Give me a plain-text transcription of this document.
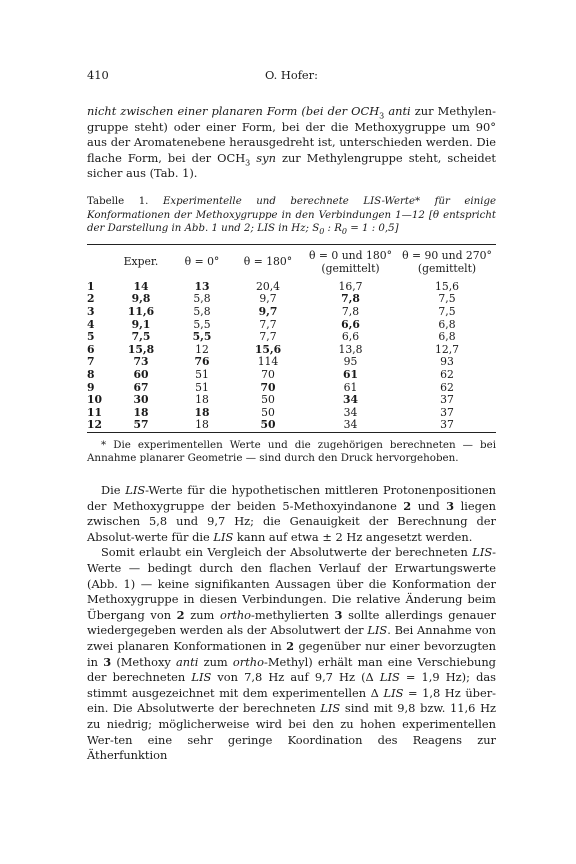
410	O. Hofer:

nicht zwischen einer planaren Form (bei der $OCH_3$ anti zur Methylen-gruppe steht) oder einer Form, bei der die Methoxygruppe um 90° aus der Aromatenebene herausgedreht ist, unterschieden werden. Die flache Form, bei der $OCH_3$ syn zur Methylengruppe steht, scheidet sicher aus (Tab. 1).

Tabelle 1. Experimentelle und berechnete LIS-Werte* für einige Konformationen der Methoxygruppe in den Verbindungen 1—12 [θ entspricht der Darstellung in Abb. 1 und 2; LIS in Hz; $S_0$ : $R_0 = 1$ : 0,5]
	Exper.	θ = 0°	θ = 180°	θ = 0 und 180° (gemittelt)	θ = 90 und 270° (gemittelt)
1	14	13	20,4	16,7	15,6
2	9,8	5,8	9,7	7,8	7,5
3	11,6	5,8	9,7	7,8	7,5
4	9,1	5,5	7,7	6,6	6,8
5	7,5	5,5	7,7	6,6	6,8
6	15,8	12	15,6	13,8	12,7
7	73	76	114	95	93
8	60	51	70	61	62
9	67	51	70	61	62
10	30	18	50	34	37
11	18	18	50	34	37
12	57	18	50	34	37
* Die experimentellen Werte und die zugehörigen berechneten — bei Annahme planarer Geometrie — sind durch den Druck hervorgehoben.

Die LIS-Werte für die hypothetischen mittleren Protonenpositionen der Methoxygruppe der beiden 5-Methoxyindanone 2 und 3 liegen zwischen 5,8 und 9,7 Hz; die Genauigkeit der Berechnung der Absolut-werte für die LIS kann auf etwa ± 2 Hz angesetzt werden.

Somit erlaubt ein Vergleich der Absolutwerte der berechneten LIS-Werte — bedingt durch den flachen Verlauf der Erwartungswerte (Abb. 1) — keine signifikanten Aussagen über die Konformation der Methoxygruppe in diesen Verbindungen. Die relative Änderung beim Übergang von 2 zum ortho-methylierten 3 sollte allerdings genauer wiedergegeben werden als der Absolutwert der LIS. Bei Annahme von zwei planaren Konformationen in 2 gegenüber nur einer bevorzugten in 3 (Methoxy anti zum ortho-Methyl) erhält man eine Verschiebung der berechneten LIS von 7,8 Hz auf 9,7 Hz (Δ LIS = 1,9 Hz); das stimmt ausgezeichnet mit dem experimentellen Δ LIS = 1,8 Hz über-ein. Die Absolutwerte der berechneten LIS sind mit 9,8 bzw. 11,6 Hz zu niedrig; möglicherweise wird bei den zu hohen experimentellen Wer-ten eine sehr geringe Koordination des Reagens zur Ätherfunktion
